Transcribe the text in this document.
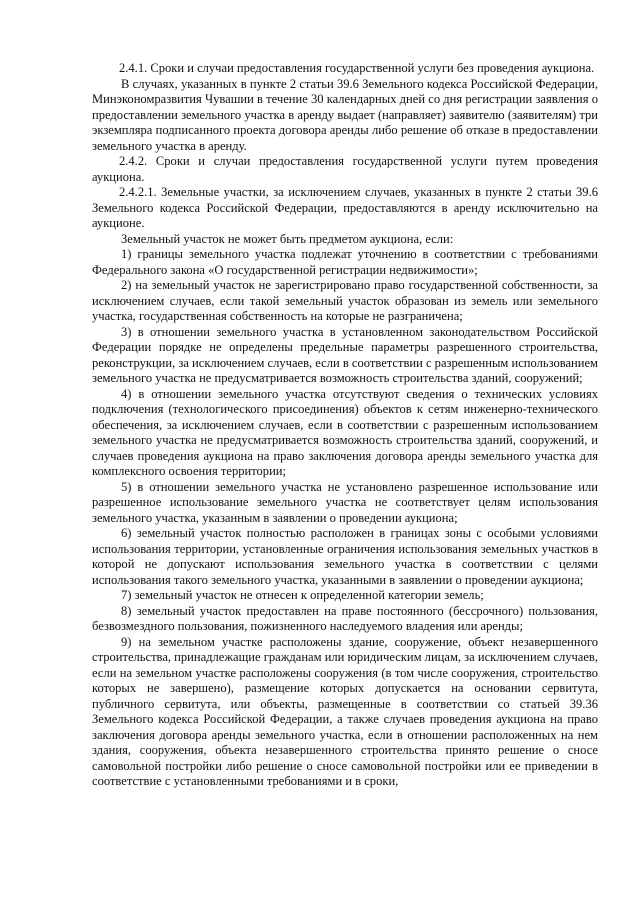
2.4.1. Сроки и случаи предоставления государственной услуги без проведения аукциона.

В случаях, указанных в пункте 2 статьи 39.6 Земельного кодекса Российской Федерации, Минэкономразвития Чувашии в течение 30 календарных дней со дня регистрации заявления о предоставлении земельного участка в аренду выдает (направляет) заявителю (заявителям) три экземпляра подписанного проекта договора аренды либо решение об отказе в предоставлении земельного участка в аренду.

2.4.2. Сроки и случаи предоставления государственной услуги путем проведения аукциона.

2.4.2.1. Земельные участки, за исключением случаев, указанных в пункте 2 статьи 39.6 Земельного кодекса Российской Федерации, предоставляются в аренду исключительно на аукционе.

Земельный участок не может быть предметом аукциона, если:

1) границы земельного участка подлежат уточнению в соответствии с требованиями Федерального закона «О государственной регистрации недвижимости»;

2) на земельный участок не зарегистрировано право государственной собственности, за исключением случаев, если такой земельный участок образован из земель или земельного участка, государственная собственность на которые не разграничена;

3) в отношении земельного участка в установленном законодательством Российской Федерации порядке не определены предельные параметры разрешенного строительства, реконструкции, за исключением случаев, если в соответствии с разрешенным использованием земельного участка не предусматривается возможность строительства зданий, сооружений;

4) в отношении земельного участка отсутствуют сведения о технических условиях подключения (технологического присоединения) объектов к сетям инженерно-технического обеспечения, за исключением случаев, если в соответствии с разрешенным использованием земельного участка не предусматривается возможность строительства зданий, сооружений, и случаев проведения аукциона на право заключения договора аренды земельного участка для комплексного освоения территории;

5) в отношении земельного участка не установлено разрешенное использование или разрешенное использование земельного участка не соответствует целям использования земельного участка, указанным в заявлении о проведении аукциона;

6) земельный участок полностью расположен в границах зоны с особыми условиями использования территории, установленные ограничения использования земельных участков в которой не допускают использования земельного участка в соответствии с целями использования такого земельного участка, указанными в заявлении о проведении аукциона;

7) земельный участок не отнесен к определенной категории земель;

8) земельный участок предоставлен на праве постоянного (бессрочного) пользования, безвозмездного пользования, пожизненного наследуемого владения или аренды;

9) на земельном участке расположены здание, сооружение, объект незавершенного строительства, принадлежащие гражданам или юридическим лицам, за исключением случаев, если на земельном участке расположены сооружения (в том числе сооружения, строительство которых не завершено), размещение которых допускается на основании сервитута, публичного сервитута, или объекты, размещенные в соответствии со статьей 39.36 Земельного кодекса Российской Федерации, а также случаев проведения аукциона на право заключения договора аренды земельного участка, если в отношении расположенных на нем здания, сооружения, объекта незавершенного строительства принято решение о сносе самовольной постройки либо решение о сносе самовольной постройки или ее приведении в соответствие с установленными требованиями и в сроки,
